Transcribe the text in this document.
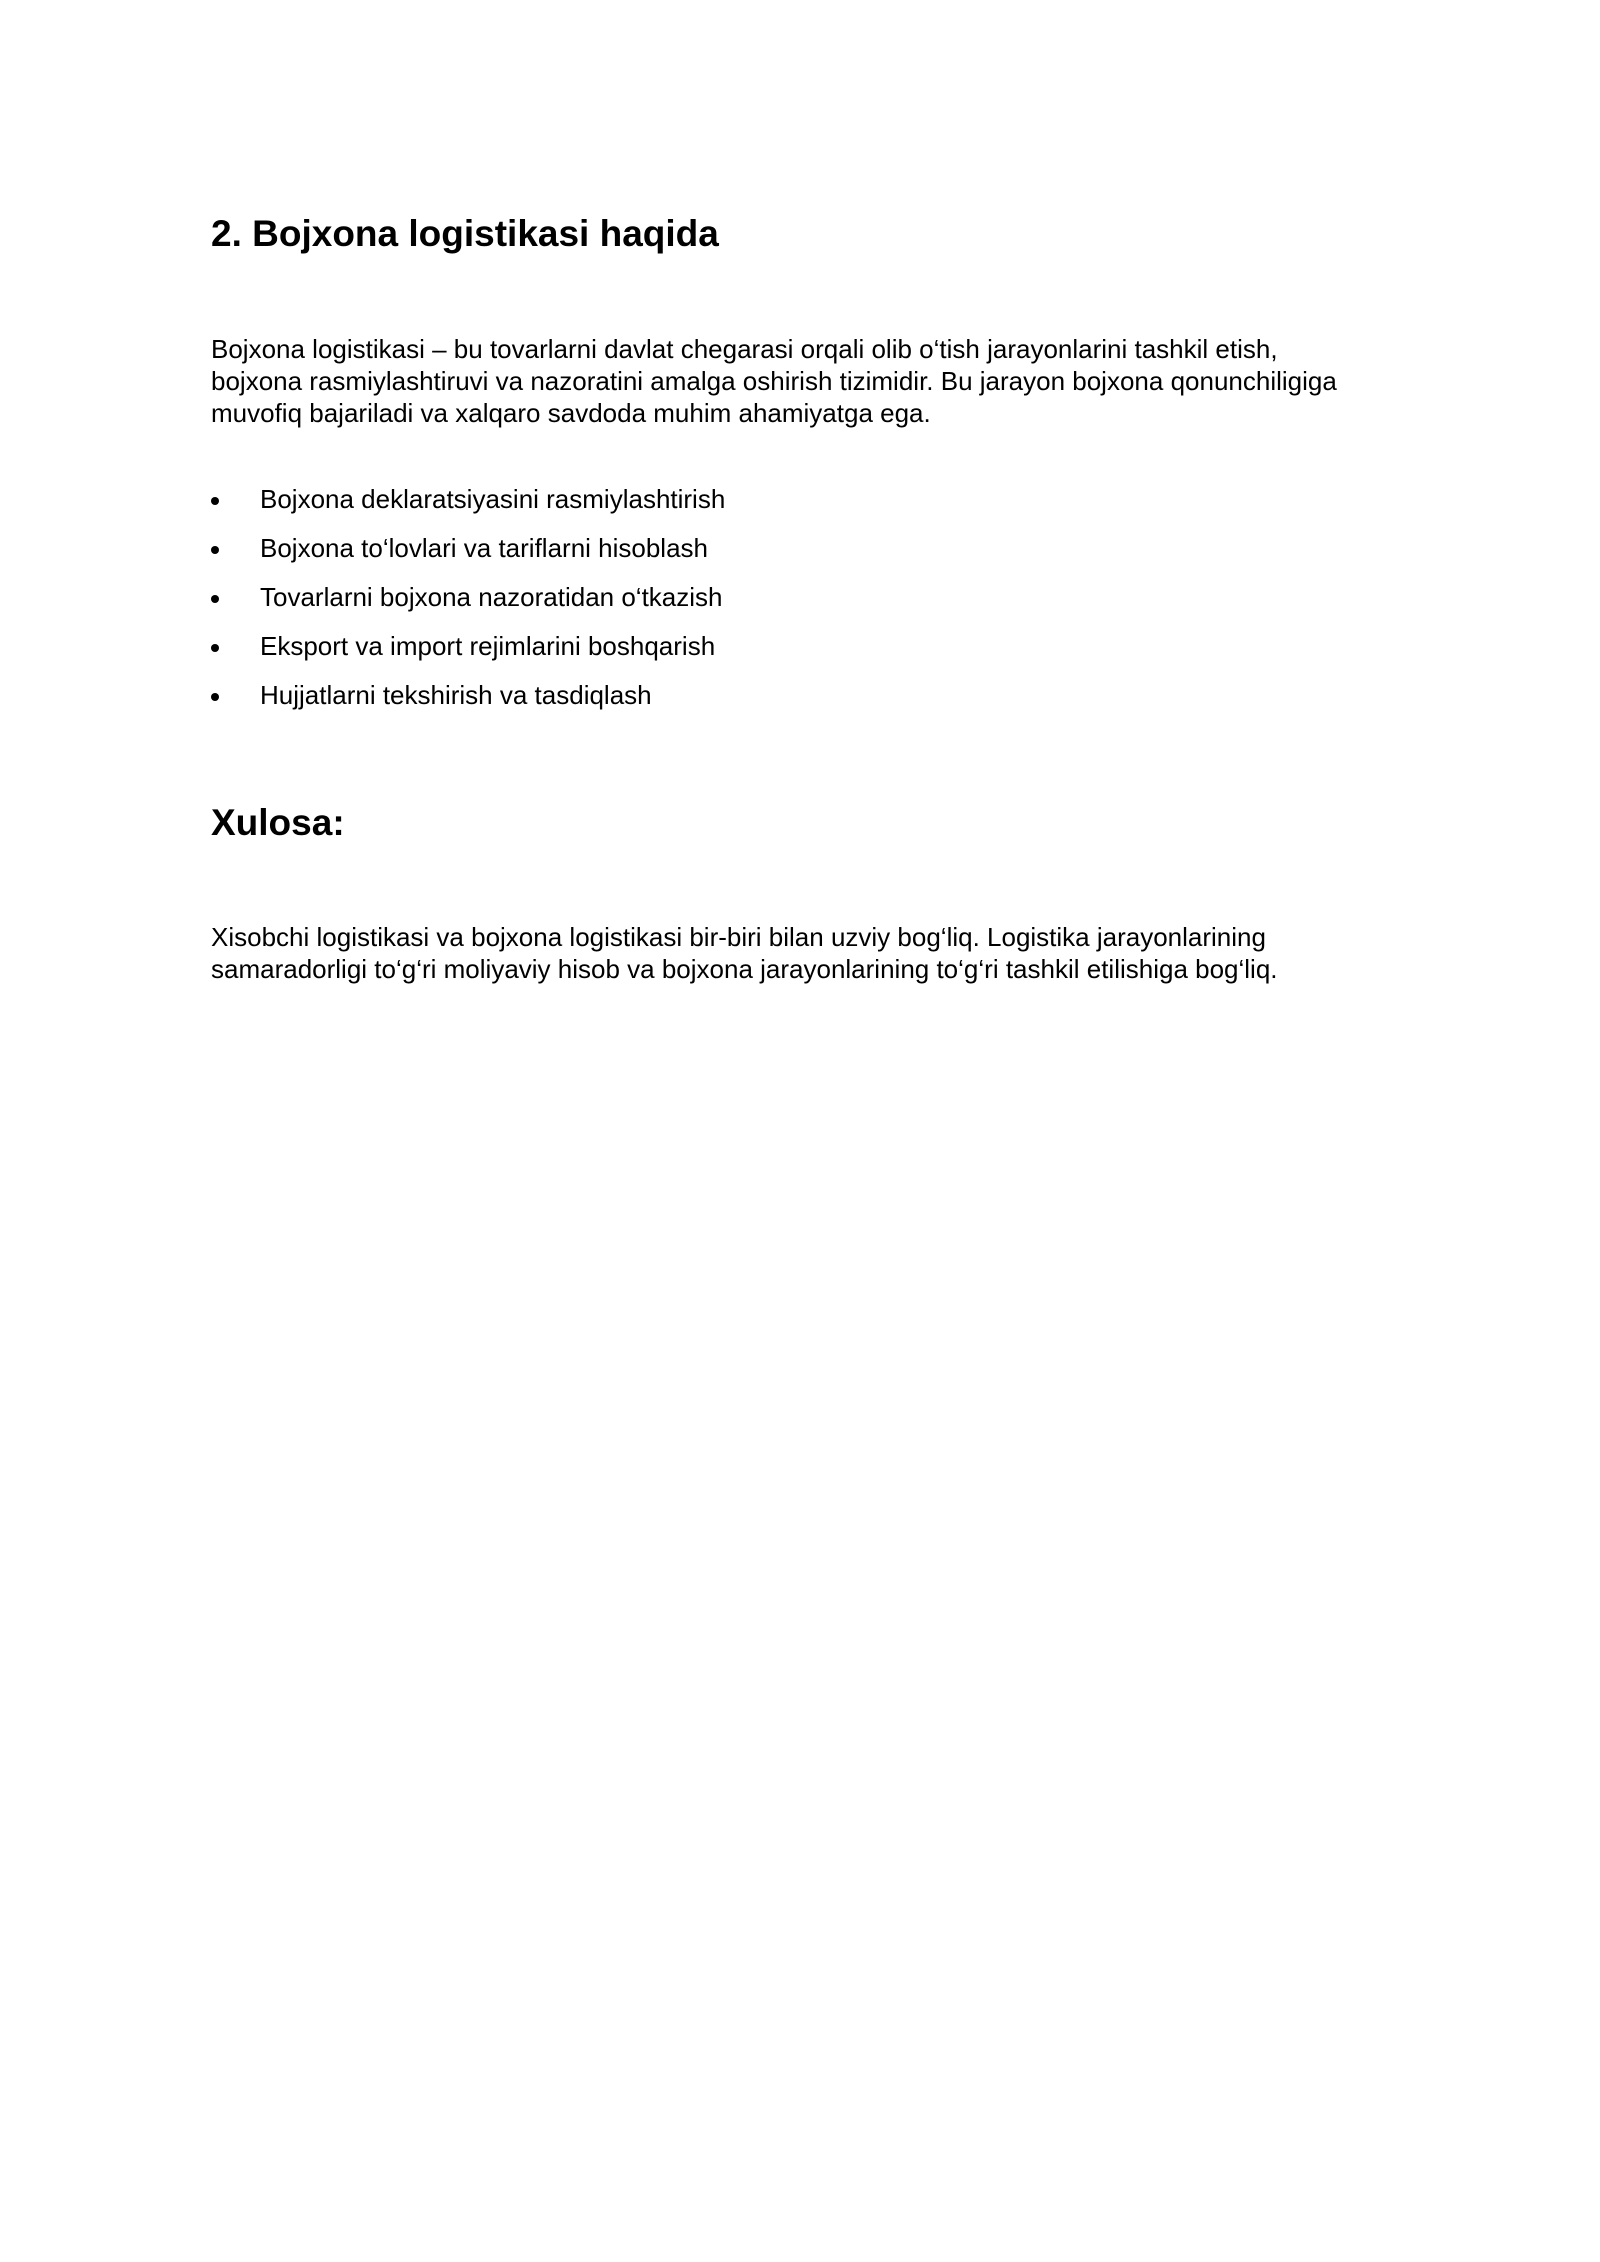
2. Bojxona logistikasi haqida

Bojxona logistikasi – bu tovarlarni davlat chegarasi orqali olib o‘tish jarayonlarini tashkil etish,
bojxona rasmiylashtiruvi va nazoratini amalga oshirish tizimidir. Bu jarayon bojxona qonunchiligiga
muvofiq bajariladi va xalqaro savdoda muhim ahamiyatga ega.

Bojxona deklaratsiyasini rasmiylashtirish
Bojxona to‘lovlari va tariflarni hisoblash
Tovarlarni bojxona nazoratidan o‘tkazish
Eksport va import rejimlarini boshqarish
Hujjatlarni tekshirish va tasdiqlash
Xulosa:

Xisobchi logistikasi va bojxona logistikasi bir-biri bilan uzviy bog‘liq. Logistika jarayonlarining
samaradorligi to‘g‘ri moliyaviy hisob va bojxona jarayonlarining to‘g‘ri tashkil etilishiga bog‘liq.
